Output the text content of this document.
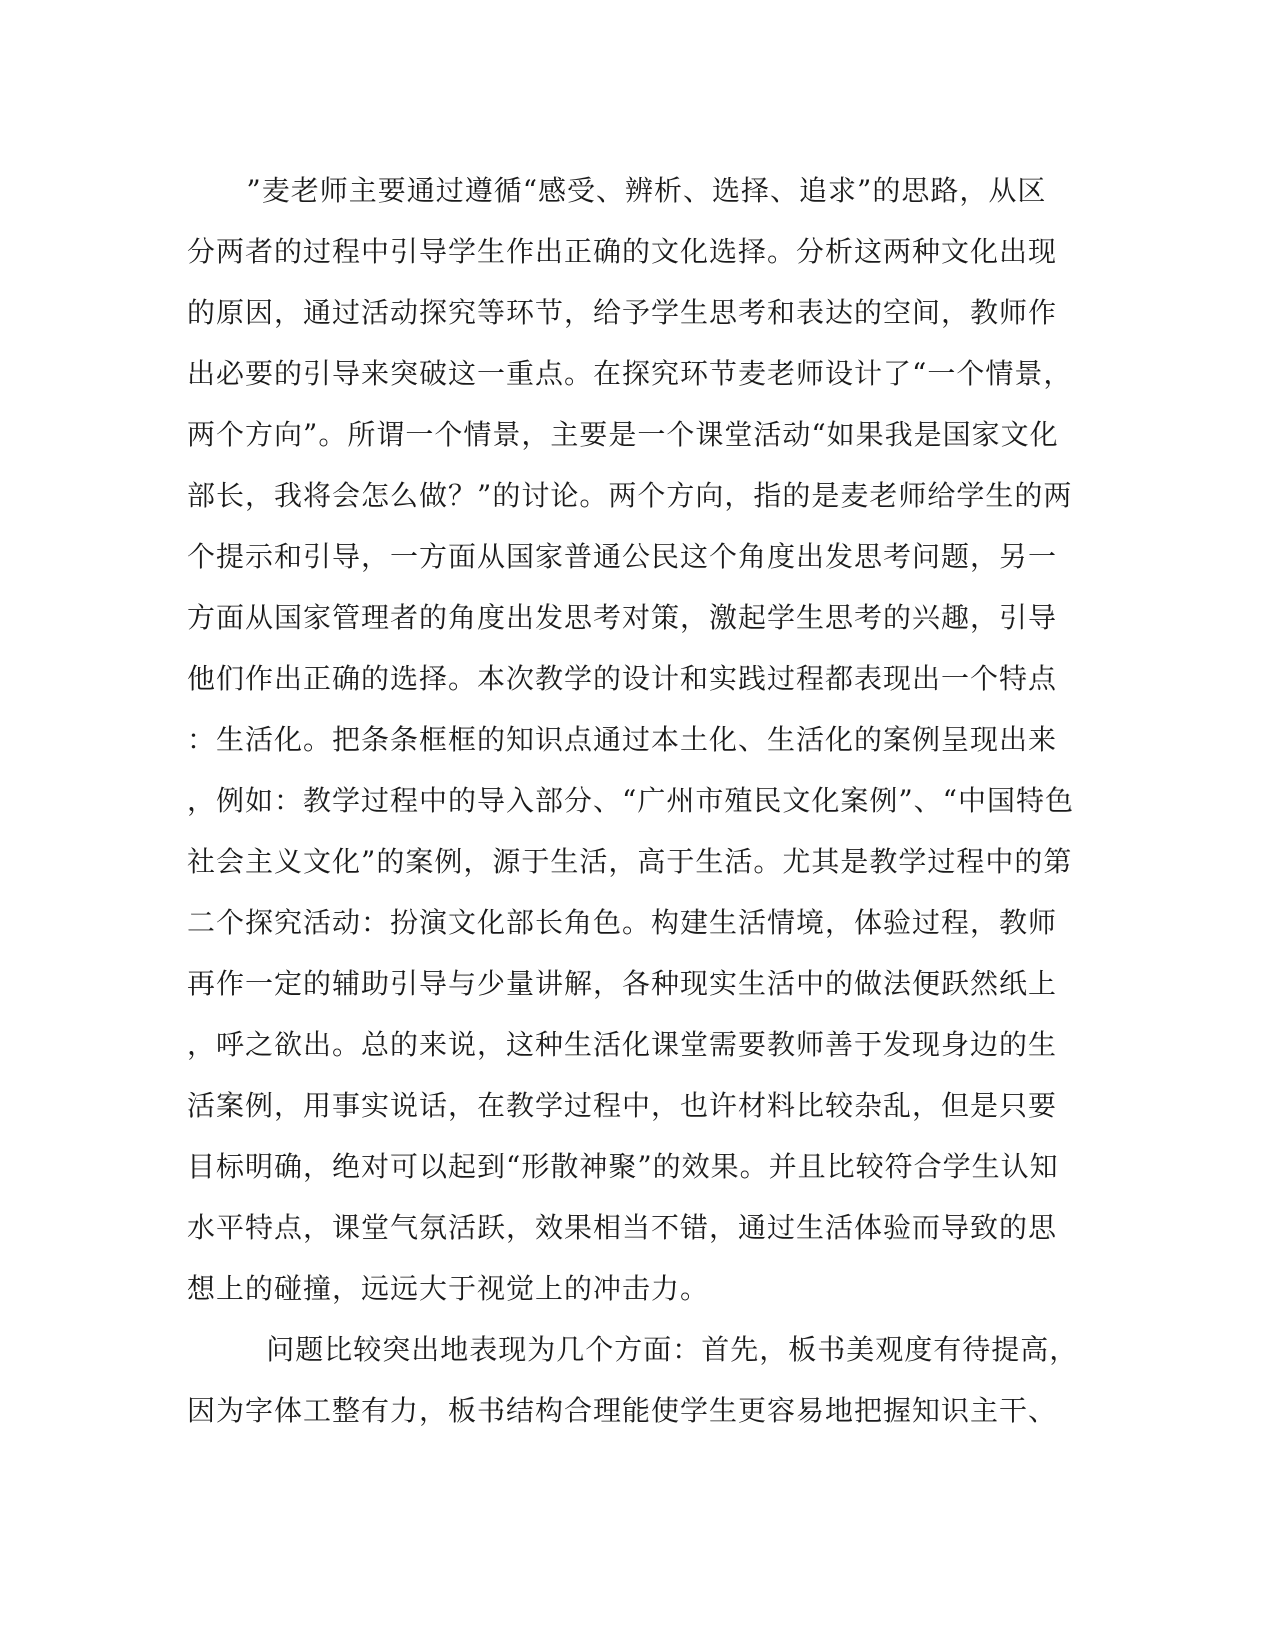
”麦老师主要通过遵循“感受、辨析、选择、追求”的思路，从区
分两者的过程中引导学生作出正确的文化选择。分析这两种文化出现
的原因，通过活动探究等环节，给予学生思考和表达的空间，教师作
出必要的引导来突破这一重点。在探究环节麦老师设计了“一个情景，
两个方向”。所谓一个情景，主要是一个课堂活动“如果我是国家文化
部长，我将会怎么做？”的讨论。两个方向，指的是麦老师给学生的两
个提示和引导，一方面从国家普通公民这个角度出发思考问题，另一
方面从国家管理者的角度出发思考对策，激起学生思考的兴趣，引导
他们作出正确的选择。本次教学的设计和实践过程都表现出一个特点
：生活化。把条条框框的知识点通过本土化、生活化的案例呈现出来
，例如：教学过程中的导入部分、“广州市殖民文化案例”、“中国特色
社会主义文化”的案例，源于生活，高于生活。尤其是教学过程中的第
二个探究活动：扮演文化部长角色。构建生活情境，体验过程，教师
再作一定的辅助引导与少量讲解，各种现实生活中的做法便跃然纸上
，呼之欲出。总的来说，这种生活化课堂需要教师善于发现身边的生
活案例，用事实说话，在教学过程中，也许材料比较杂乱，但是只要
目标明确，绝对可以起到“形散神聚”的效果。并且比较符合学生认知
水平特点，课堂气氛活跃，效果相当不错，通过生活体验而导致的思
想上的碰撞，远远大于视觉上的冲击力。
问题比较突出地表现为几个方面：首先，板书美观度有待提高，
因为字体工整有力，板书结构合理能使学生更容易地把握知识主干、
